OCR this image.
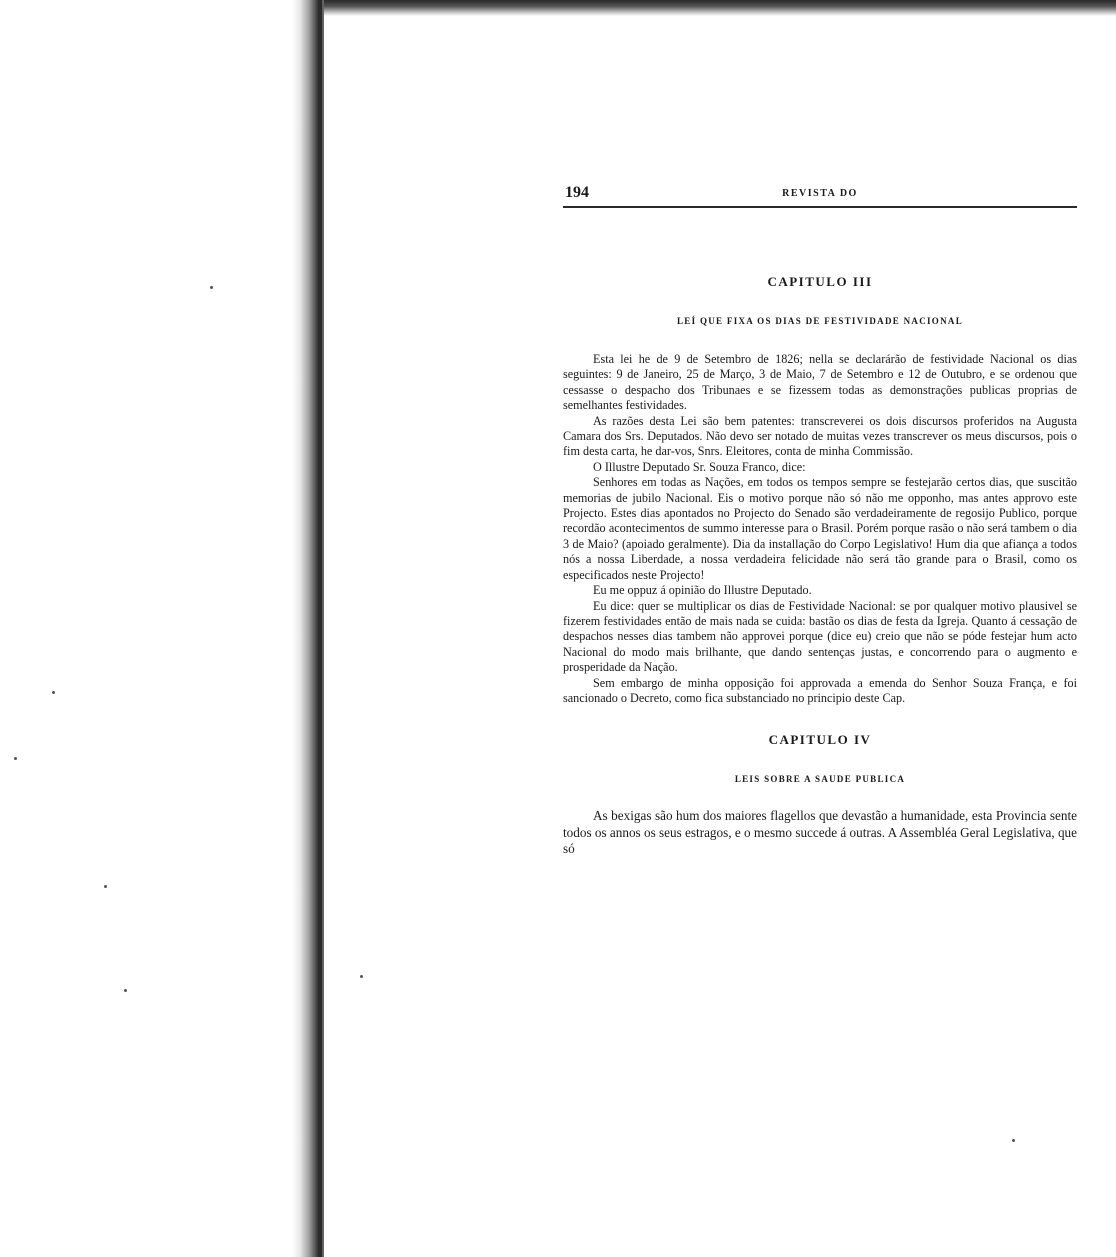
194	REVISTA DO
CAPITULO III
LEÍ QUE FIXA OS DIAS DE FESTIVIDADE NACIONAL

Esta lei he de 9 de Setembro de 1826; nella se declarárão de festividade Nacional os dias seguintes: 9 de Janeiro, 25 de Março, 3 de Maio, 7 de Setembro e 12 de Outubro, e se ordenou que cessasse o despacho dos Tribunaes e se fizessem todas as demonstrações publicas proprias de semelhantes festividades.

As razões desta Lei são bem patentes: transcreverei os dois discursos proferidos na Augusta Camara dos Srs. Deputados. Não devo ser notado de muitas vezes transcrever os meus discursos, pois o fim desta carta, he dar-vos, Snrs. Eleitores, conta de minha Commissão.

O Illustre Deputado Sr. Souza Franco, dice:

Senhores em todas as Nações, em todos os tempos sempre se festejarão certos dias, que suscitão memorias de jubilo Nacional. Eis o motivo porque não só não me opponho, mas antes approvo este Projecto. Estes dias apontados no Projecto do Senado são verdadeiramente de regosijo Publico, porque recordão acontecimentos de summo interesse para o Brasil. Porém porque rasão o não será tambem o dia 3 de Maio? (apoiado geralmente). Dia da installação do Corpo Legislativo! Hum dia que afiança a todos nós a nossa Liberdade, a nossa verdadeira felicidade não será tão grande para o Brasil, como os especificados neste Projecto!

Eu me oppuz á opinião do Illustre Deputado.

Eu dice: quer se multiplicar os dias de Festividade Nacional: se por qualquer motivo plausivel se fizerem festividades então de mais nada se cuida: bastão os dias de festa da Igreja. Quanto á cessação de despachos nesses dias tambem não approvei porque (dice eu) creio que não se póde festejar hum acto Nacional do modo mais brilhante, que dando sentenças justas, e concorrendo para o augmento e prosperidade da Nação.

Sem embargo de minha opposição foi approvada a emenda do Senhor Souza França, e foi sancionado o Decreto, como fica substanciado no principio deste Cap.

CAPITULO IV
LEIS SOBRE A SAUDE PUBLICA

As bexigas são hum dos maiores flagellos que devastão a humanidade, esta Provincia sente todos os annos os seus estragos, e o mesmo succede á outras. A Assembléa Geral Legislativa, que só
